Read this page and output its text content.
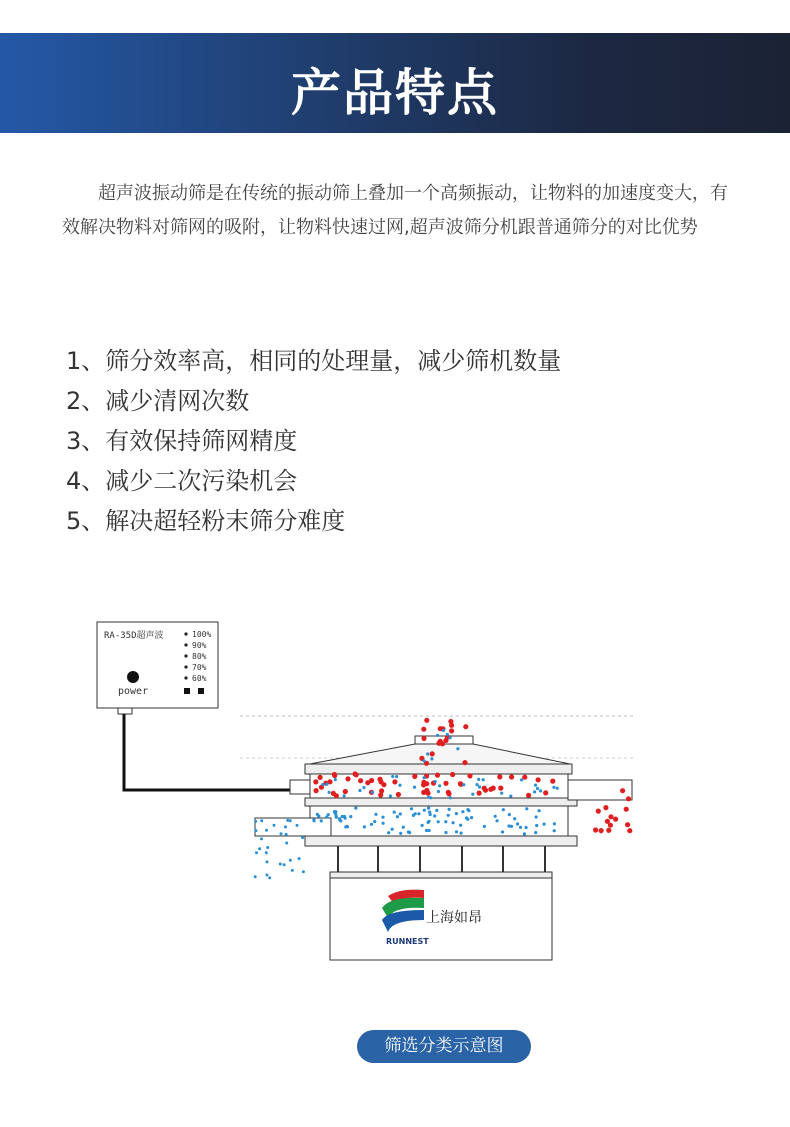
产品特点

超声波振动筛是在传统的振动筛上叠加一个高频振动，让物料的加速度变大，有效解决物料对筛网的吸附，让物料快速过网,超声波筛分机跟普通筛分的对比优势

1、筛分效率高，相同的处理量，减少筛机数量
2、减少清网次数
3、有效保持筛网精度
4、减少二次污染机会
5、解决超轻粉末筛分难度
RA-35D超声波	100%
90%
80%
70%
60%
power
上海如昂
RUNNEST
筛选分类示意图
